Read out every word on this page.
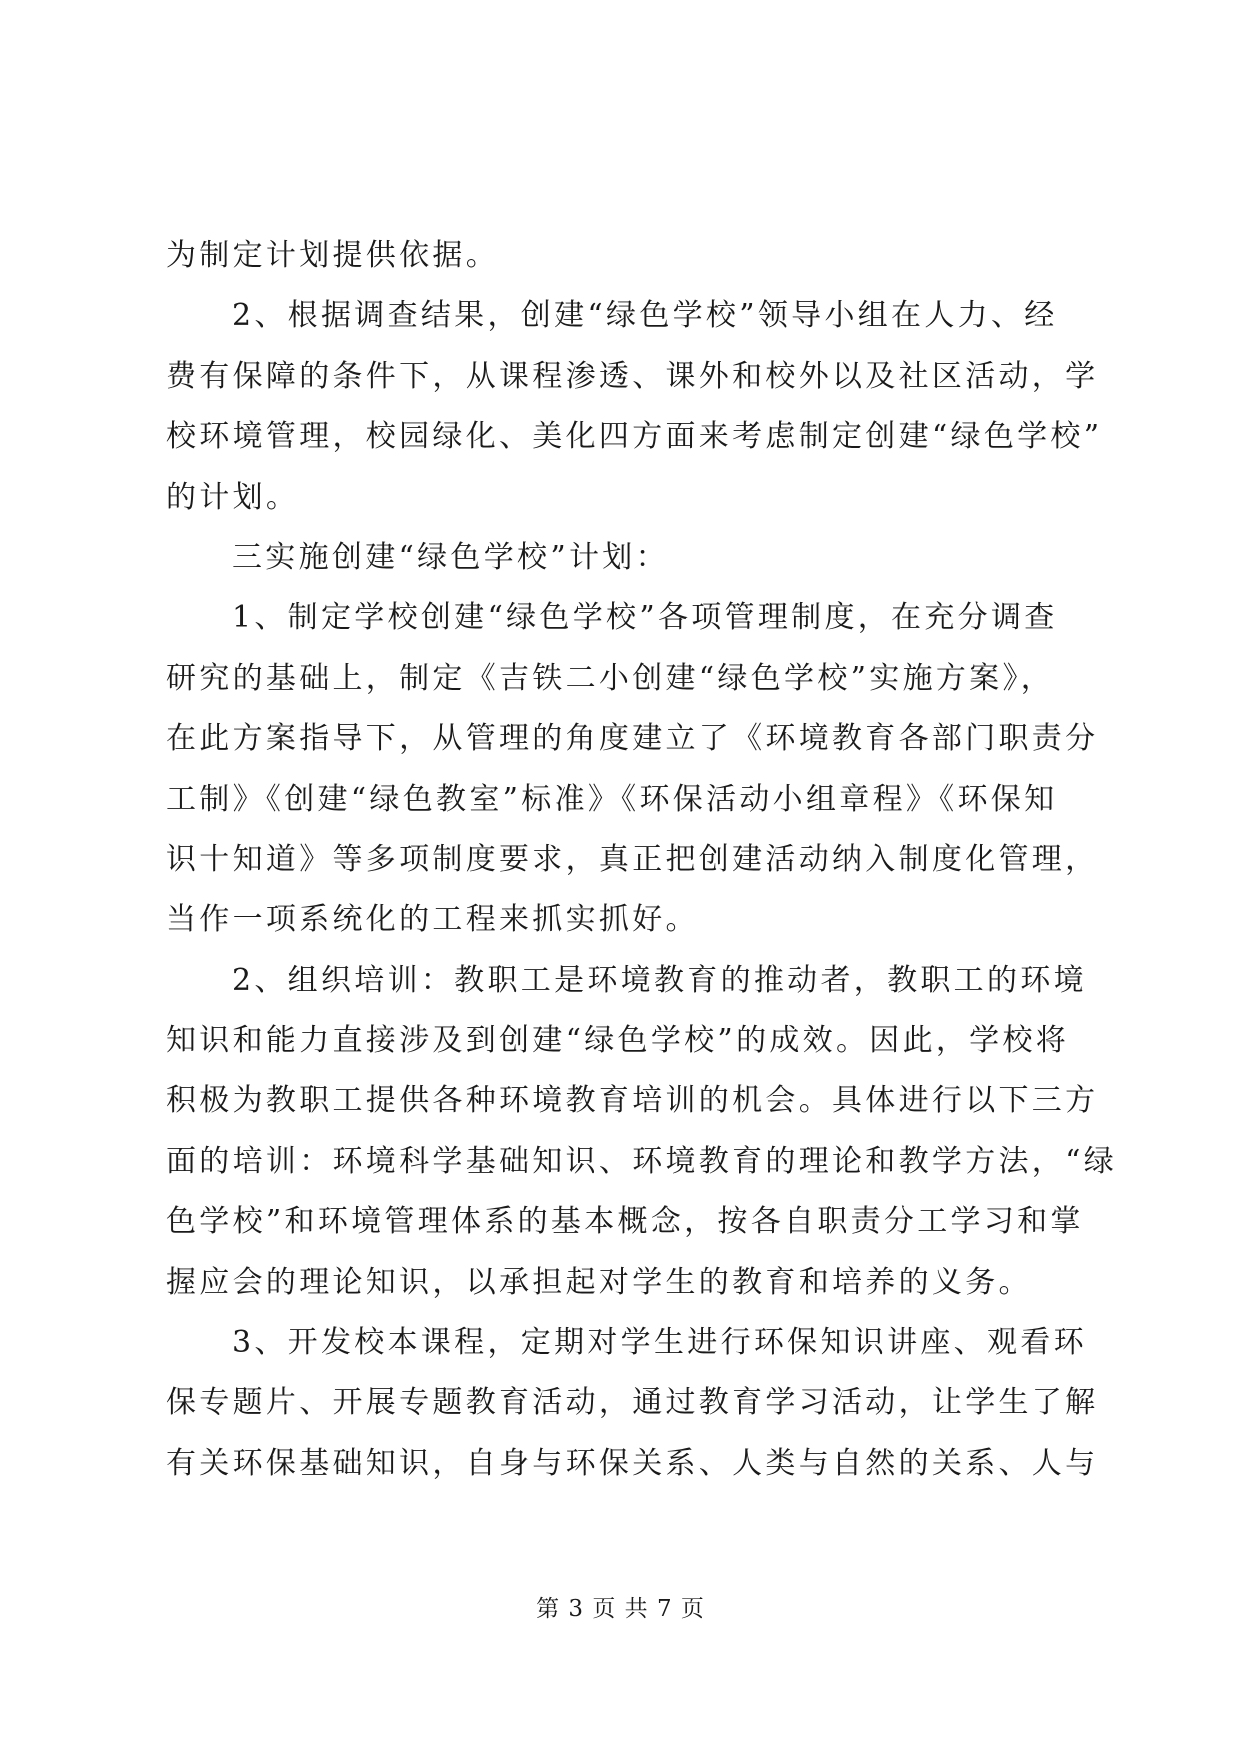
为制定计划提供依据。
2、根据调查结果，创建“绿色学校”领导小组在人力、经
费有保障的条件下，从课程渗透、课外和校外以及社区活动，学
校环境管理，校园绿化、美化四方面来考虑制定创建“绿色学校”
的计划。
三实施创建“绿色学校”计划：
1、制定学校创建“绿色学校”各项管理制度，在充分调查
研究的基础上，制定《吉铁二小创建“绿色学校”实施方案》，
在此方案指导下，从管理的角度建立了《环境教育各部门职责分
工制》《创建“绿色教室”标准》《环保活动小组章程》《环保知
识十知道》等多项制度要求，真正把创建活动纳入制度化管理，
当作一项系统化的工程来抓实抓好。
2、组织培训：教职工是环境教育的推动者，教职工的环境
知识和能力直接涉及到创建“绿色学校”的成效。因此，学校将
积极为教职工提供各种环境教育培训的机会。具体进行以下三方
面的培训：环境科学基础知识、环境教育的理论和教学方法，“绿
色学校”和环境管理体系的基本概念，按各自职责分工学习和掌
握应会的理论知识，以承担起对学生的教育和培养的义务。
3、开发校本课程，定期对学生进行环保知识讲座、观看环
保专题片、开展专题教育活动，通过教育学习活动，让学生了解
有关环保基础知识，自身与环保关系、人类与自然的关系、人与
第 3 页 共 7 页
